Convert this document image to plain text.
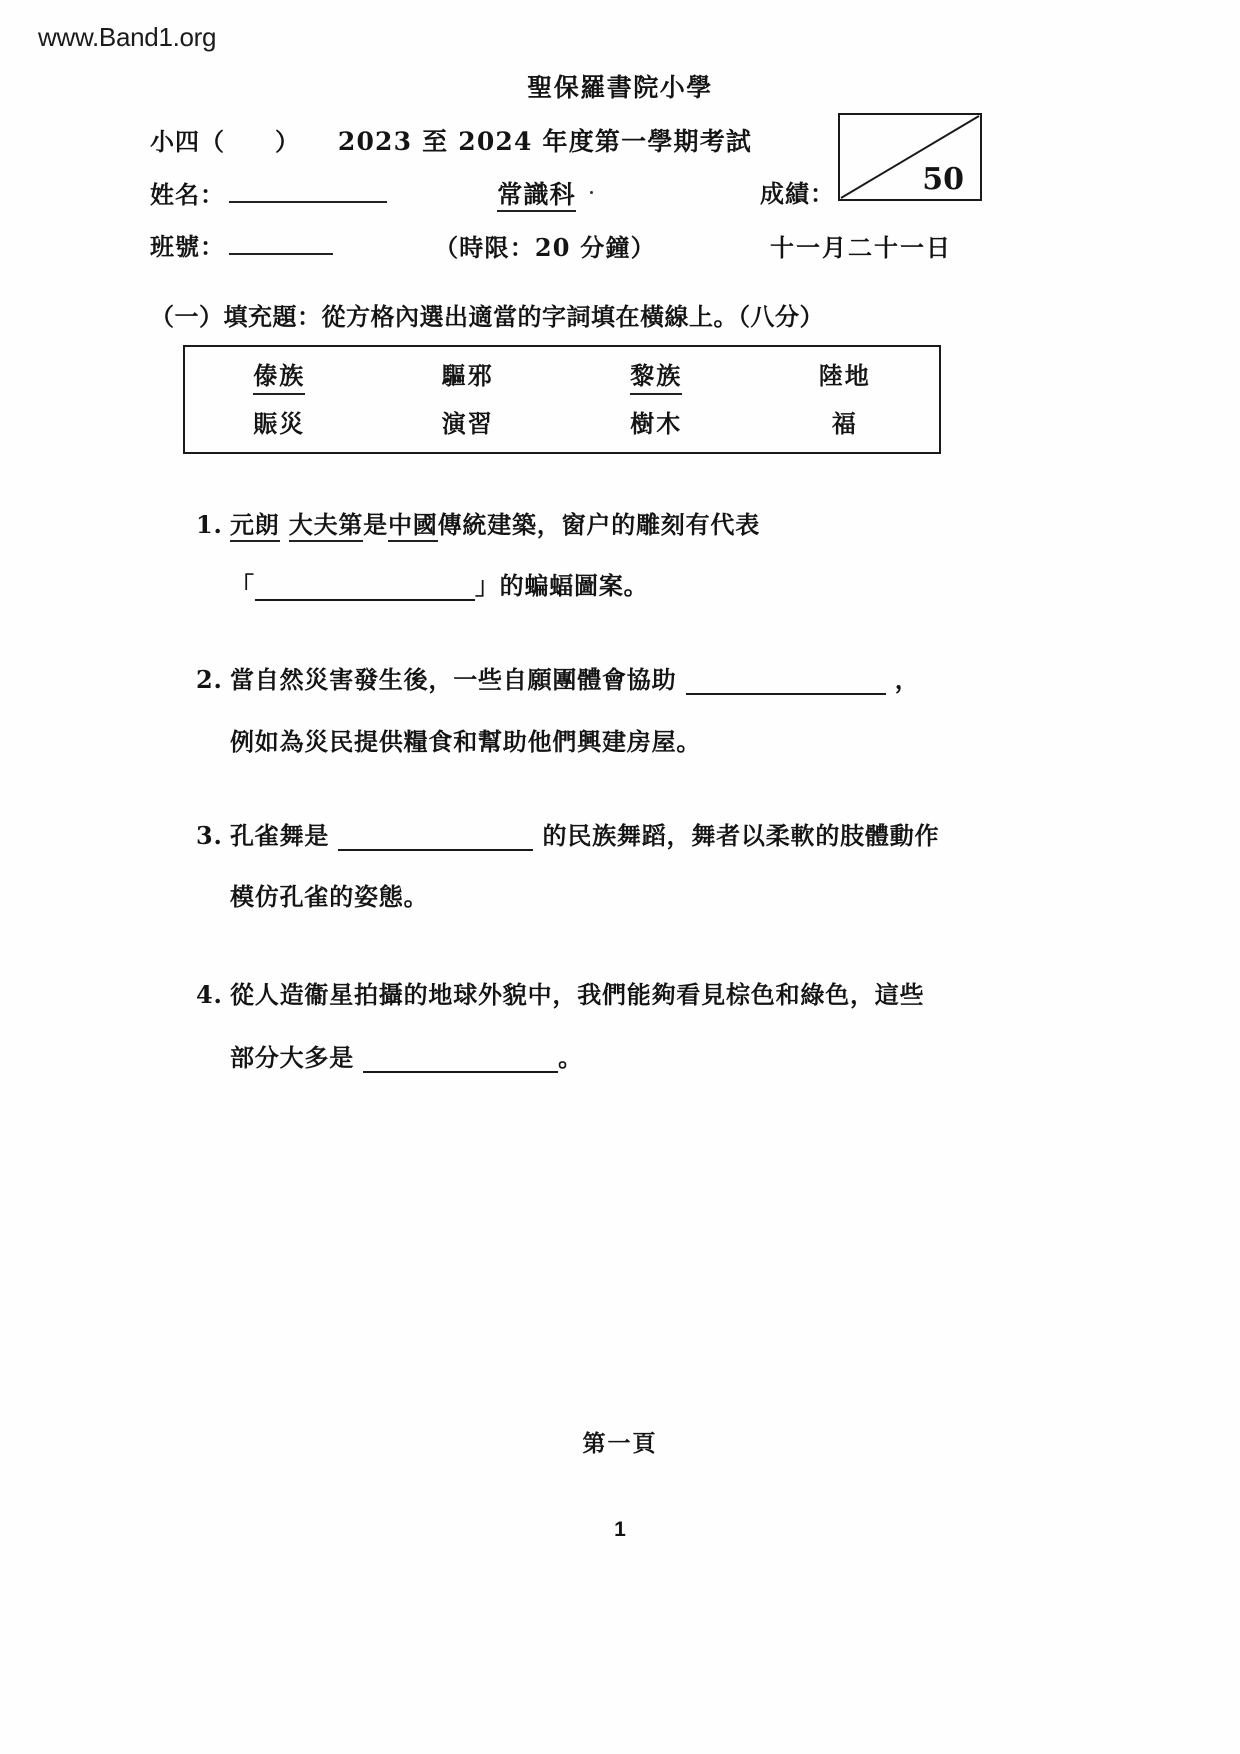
www.Band1.org
聖保羅書院小學
小四（　　）
姓名：
班號：
2023 至 2024 年度第一學期考試
常識科
（時限：20 分鐘）
成績：	50
十一月二十一日
（一）填充題：從方格內選出適當的字詞填在橫線上。（八分）
傣族	驅邪	黎族	陸地
賑災	演習	樹木	福
1. 元朗 大夫第是中國傳統建築，窗户的雕刻有代表
「	」的蝙蝠圖案。
2. 當自然災害發生後，一些自願團體會協助	，
例如為災民提供糧食和幫助他們興建房屋。
3. 孔雀舞是	的民族舞蹈，舞者以柔軟的肢體動作
模仿孔雀的姿態。
4. 從人造衞星拍攝的地球外貌中，我們能夠看見棕色和綠色，這些
部分大多是	。
第一頁
1
